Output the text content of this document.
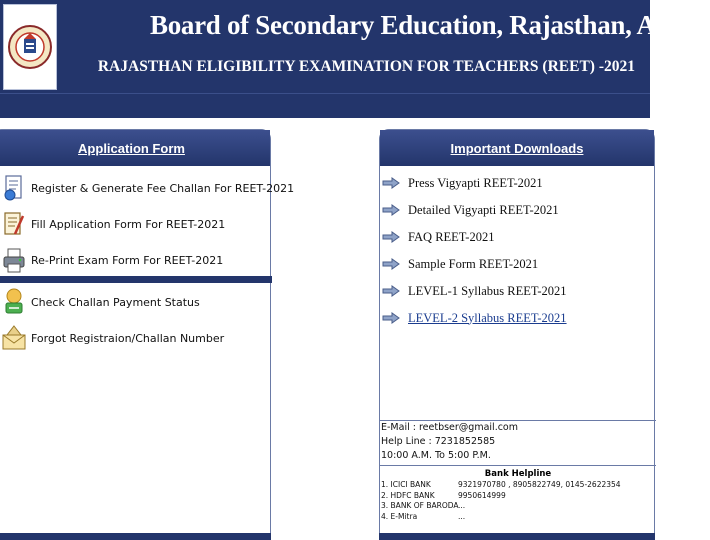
Board of Secondary Education, Rajasthan, Ajmer
RAJASTHAN ELIGIBILITY EXAMINATION FOR TEACHERS (REET) -2021
Application Form
Register & Generate Fee Challan For REET-2021
Fill Application Form For REET-2021
Re-Print Exam Form For REET-2021
Check Challan Payment Status
Forgot Registraion/Challan Number
Important Downloads
Press Vigyapti REET-2021
Detailed Vigyapti REET-2021
FAQ REET-2021
Sample Form REET-2021
LEVEL-1 Syllabus REET-2021
LEVEL-2 Syllabus REET-2021
E-Mail : reetbser@gmail.com
Help Line : 7231852585
10:00 A.M. To 5:00 P.M.
Bank Helpline
1. ICICI BANK	9321970780 , 8905822749, 0145-2622354
2. HDFC BANK	9950614999
3. BANK OF BARODA ...
4. E-Mitra	...
